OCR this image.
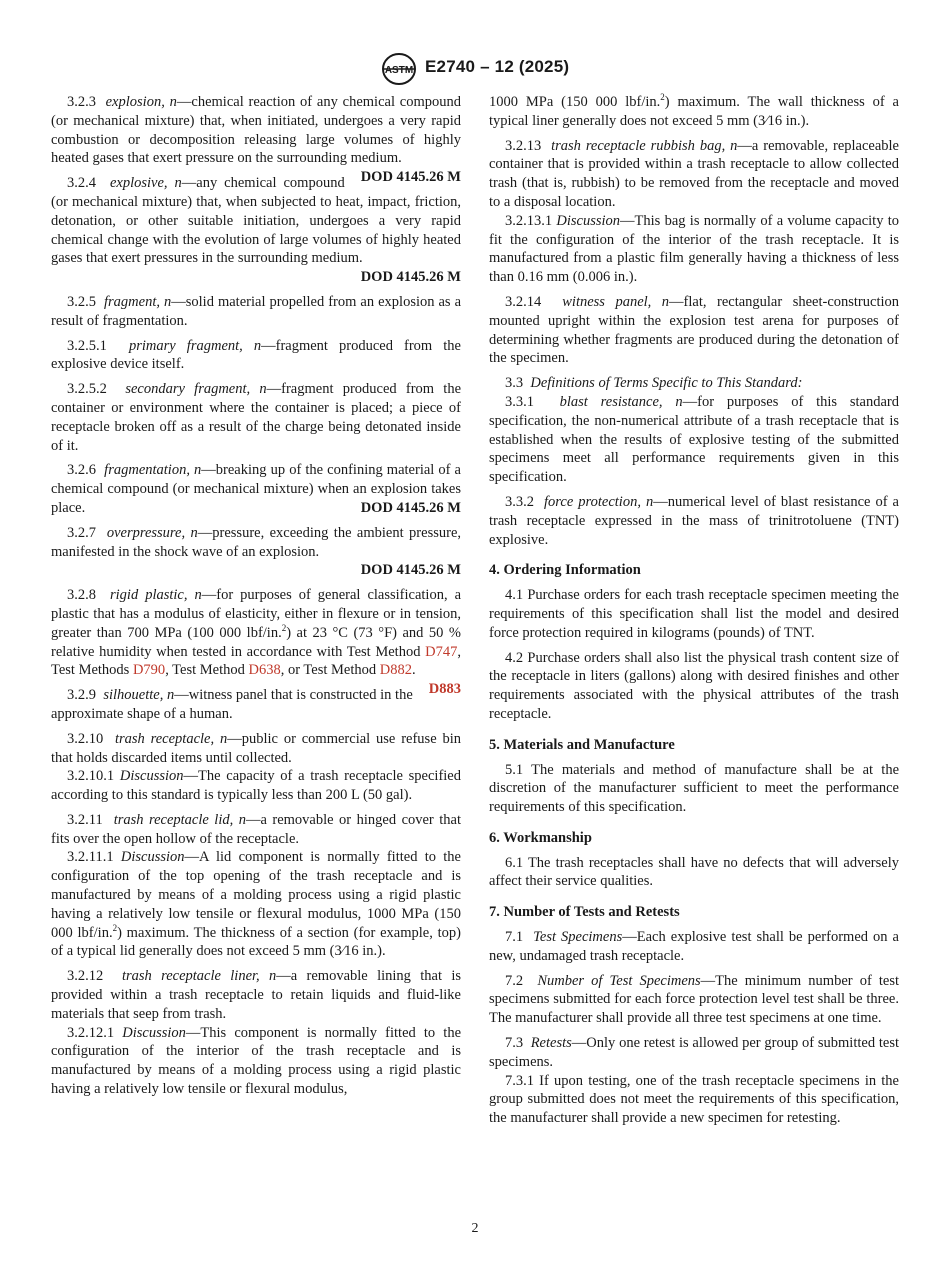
ASTM E2740 – 12 (2025)

3.2.3 explosion, n—chemical reaction of any chemical compound (or mechanical mixture) that, when initiated, undergoes a very rapid combustion or decomposition releasing large volumes of highly heated gases that exert pressure on the surrounding medium.
DOD 4145.26 M

3.2.4 explosive, n—any chemical compound (or mechanical mixture) that, when subjected to heat, impact, friction, detonation, or other suitable initiation, undergoes a very rapid chemical change with the evolution of large volumes of highly heated gases that exert pressures in the surrounding medium.

DOD 4145.26 M

3.2.5 fragment, n—solid material propelled from an explosion as a result of fragmentation.

3.2.5.1 primary fragment, n—fragment produced from the explosive device itself.

3.2.5.2 secondary fragment, n—fragment produced from the container or environment where the container is placed; a piece of receptacle broken off as a result of the charge being detonated inside of it.

3.2.6 fragmentation, n—breaking up of the confining material of a chemical compound (or mechanical mixture) when an explosion takes place.	DOD 4145.26 M

3.2.7 overpressure, n—pressure, exceeding the ambient pressure, manifested in the shock wave of an explosion.

DOD 4145.26 M

3.2.8 rigid plastic, n—for purposes of general classification, a plastic that has a modulus of elasticity, either in flexure or in tension, greater than 700 MPa (100 000 lbf/in.$^2$) at 23 °C (73 °F) and 50 % relative humidity when tested in accordance with Test Method D747, Test Methods D790, Test Method D638, or Test Method D882.
D883

3.2.9 silhouette, n—witness panel that is constructed in the approximate shape of a human.

3.2.10 trash receptacle, n—public or commercial use refuse bin that holds discarded items until collected.

3.2.10.1 Discussion—The capacity of a trash receptacle specified according to this standard is typically less than 200 L (50 gal).

3.2.11 trash receptacle lid, n—a removable or hinged cover that fits over the open hollow of the receptacle.

3.2.11.1 Discussion—A lid component is normally fitted to the configuration of the top opening of the trash receptacle and is manufactured by means of a molding process using a rigid plastic having a relatively low tensile or flexural modulus, 1000 MPa (150 000 lbf/in.$^2$) maximum. The thickness of a section (for example, top) of a typical lid generally does not exceed 5 mm (3⁄16 in.).

3.2.12 trash receptacle liner, n—a removable lining that is provided within a trash receptacle to retain liquids and fluid-like materials that seep from trash.

3.2.12.1 Discussion—This component is normally fitted to the configuration of the interior of the trash receptacle and is manufactured by means of a molding process using a rigid plastic having a relatively low tensile or flexural modulus,

1000 MPa (150 000 lbf/in.$^2$) maximum. The wall thickness of a typical liner generally does not exceed 5 mm (3⁄16 in.).

3.2.13 trash receptacle rubbish bag, n—a removable, replaceable container that is provided within a trash receptacle to allow collected trash (that is, rubbish) to be removed from the receptacle and moved to a disposal location.

3.2.13.1 Discussion—This bag is normally of a volume capacity to fit the configuration of the interior of the trash receptacle. It is manufactured from a plastic film generally having a thickness of less than 0.16 mm (0.006 in.).

3.2.14 witness panel, n—flat, rectangular sheet-construction mounted upright within the explosion test arena for purposes of determining whether fragments are produced during the detonation of the specimen.

3.3 Definitions of Terms Specific to This Standard:

3.3.1 blast resistance, n—for purposes of this standard specification, the non-numerical attribute of a trash receptacle that is established when the results of explosive testing of the submitted specimens meet all performance requirements given in this specification.

3.3.2 force protection, n—numerical level of blast resistance of a trash receptacle expressed in the mass of trinitrotoluene (TNT) explosive.

4. Ordering Information

4.1 Purchase orders for each trash receptacle specimen meeting the requirements of this specification shall list the model and desired force protection required in kilograms (pounds) of TNT.

4.2 Purchase orders shall also list the physical trash content size of the receptacle in liters (gallons) along with desired finishes and other requirements associated with the physical attributes of the trash receptacle.

5. Materials and Manufacture

5.1 The materials and method of manufacture shall be at the discretion of the manufacturer sufficient to meet the performance requirements of this specification.

6. Workmanship

6.1 The trash receptacles shall have no defects that will adversely affect their service qualities.

7. Number of Tests and Retests

7.1 Test Specimens—Each explosive test shall be performed on a new, undamaged trash receptacle.

7.2 Number of Test Specimens—The minimum number of test specimens submitted for each force protection level test shall be three. The manufacturer shall provide all three test specimens at one time.

7.3 Retests—Only one retest is allowed per group of submitted test specimens.

7.3.1 If upon testing, one of the trash receptacle specimens in the group submitted does not meet the requirements of this specification, the manufacturer shall provide a new specimen for retesting.

2
